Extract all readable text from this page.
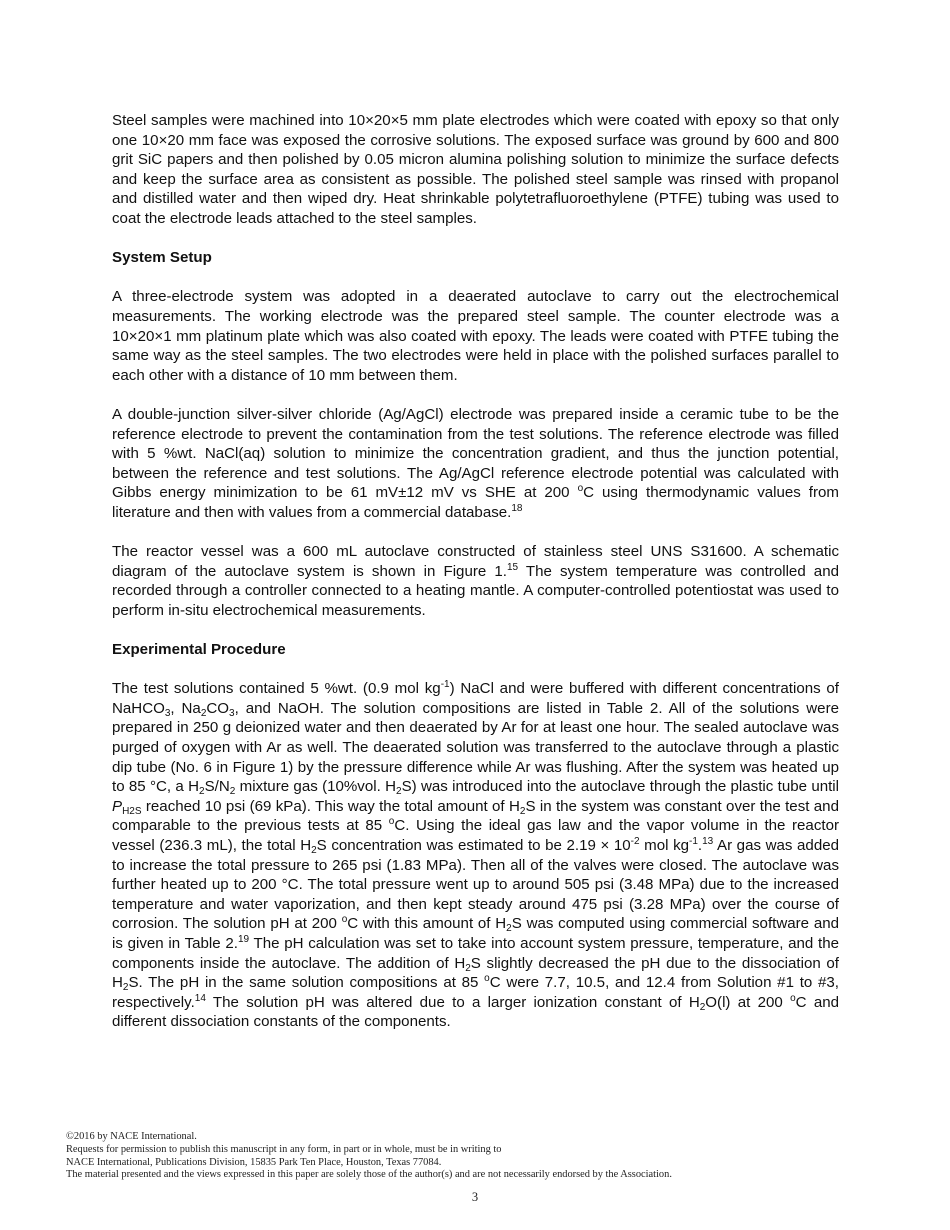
Steel samples were machined into 10×20×5 mm plate electrodes which were coated with epoxy so that only one 10×20 mm face was exposed the corrosive solutions. The exposed surface was ground by 600 and 800 grit SiC papers and then polished by 0.05 micron alumina polishing solution to minimize the surface defects and keep the surface area as consistent as possible. The polished steel sample was rinsed with propanol and distilled water and then wiped dry. Heat shrinkable polytetrafluoroethylene (PTFE) tubing was used to coat the electrode leads attached to the steel samples.

System Setup

A three-electrode system was adopted in a deaerated autoclave to carry out the electrochemical measurements. The working electrode was the prepared steel sample. The counter electrode was a 10×20×1 mm platinum plate which was also coated with epoxy. The leads were coated with PTFE tubing the same way as the steel samples. The two electrodes were held in place with the polished surfaces parallel to each other with a distance of 10 mm between them.

A double-junction silver-silver chloride (Ag/AgCl) electrode was prepared inside a ceramic tube to be the reference electrode to prevent the contamination from the test solutions. The reference electrode was filled with 5 %wt. NaCl(aq) solution to minimize the concentration gradient, and thus the junction potential, between the reference and test solutions. The Ag/AgCl reference electrode potential was calculated with Gibbs energy minimization to be 61 mV±12 mV vs SHE at 200 $^o$C using thermodynamic values from literature and then with values from a commercial database.$^{18}$

The reactor vessel was a 600 mL autoclave constructed of stainless steel UNS S31600. A schematic diagram of the autoclave system is shown in Figure 1.15 The system temperature was controlled and recorded through a controller connected to a heating mantle. A computer-controlled potentiostat was used to perform in-situ electrochemical measurements.

Experimental Procedure

The test solutions contained 5 %wt. (0.9 mol $kg^{-1}$) NaCl and were buffered with different concentrations of NaHCO$_3$, $Na_2CO_3$, and NaOH. The solution compositions are listed in Table 2. All of the solutions were prepared in 250 g deionized water and then deaerated by Ar for at least one hour. The sealed autoclave was purged of oxygen with Ar as well. The deaerated solution was transferred to the autoclave through a plastic dip tube (No. 6 in Figure 1) by the pressure difference while Ar was flushing. After the system was heated up to 85 °C, a $H_2S/N_2$ mixture gas (10%vol. $H_2S$) was introduced into the autoclave through the plastic tube until $P_{H2S}$ reached 10 psi (69 kPa). This way the total amount of $H_2S$ in the system was constant over the test and comparable to the previous tests at 85 $^o$C. Using the ideal gas law and the vapor volume in the reactor vessel (236.3 mL), the total $H_2S$ concentration was estimated to be $2.19 \times 10^{-2}$ mol $kg^{-1}.^{13}$ Ar gas was added to increase the total pressure to 265 psi (1.83 MPa). Then all of the valves were closed. The autoclave was further heated up to 200 °C. The total pressure went up to around 505 psi (3.48 MPa) due to the increased temperature and water vaporization, and then kept steady around 475 psi (3.28 MPa) over the course of corrosion. The solution pH at 200 $^o$C with this amount of $H_2S$ was computed using commercial software and is given in Table 2.19 The pH calculation was set to take into account system pressure, temperature, and the components inside the autoclave. The addition of $H_2S$ slightly decreased the pH due to the dissociation of $H_2S$. The pH in the same solution compositions at 85 $^o$C were 7.7, 10.5, and 12.4 from Solution #1 to #3, respectively.$^{14}$ The solution pH was altered due to a larger ionization constant of $H_2O(l)$ at 200 $^o$C and different dissociation constants of the components.

©2016 by NACE International.
Requests for permission to publish this manuscript in any form, in part or in whole, must be in writing to
NACE International, Publications Division, 15835 Park Ten Place, Houston, Texas 77084.
The material presented and the views expressed in this paper are solely those of the author(s) and are not necessarily endorsed by the Association.
3
